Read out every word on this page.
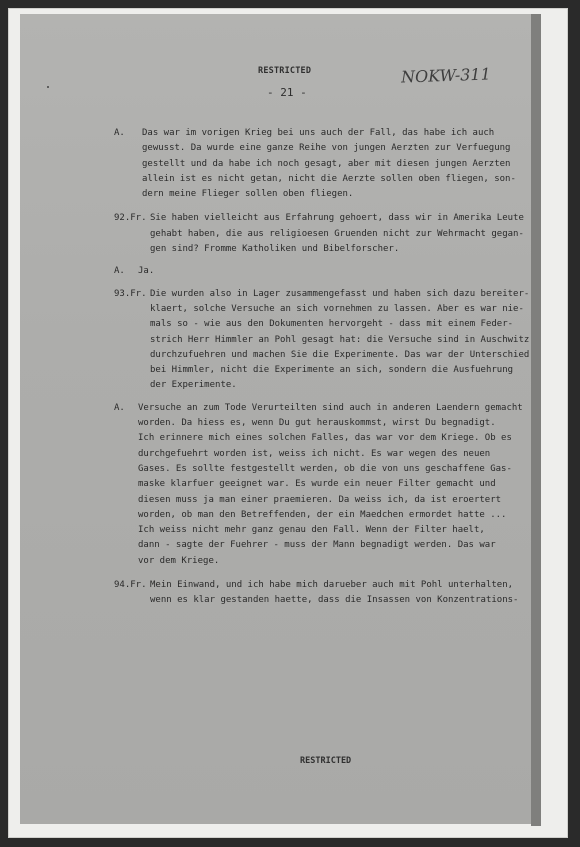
RESTRICTED
- 21 -
NOKW-311
A.	Das war im vorigen Krieg bei uns auch der Fall, das habe ich auch
gewusst. Da wurde eine ganze Reihe von jungen Aerzten zur Verfuegung
gestellt und da habe ich noch gesagt, aber mit diesen jungen Aerzten
allein ist es nicht getan, nicht die Aerzte sollen oben fliegen, son-
dern meine Flieger sollen oben fliegen.
92.Fr. Sie haben vielleicht aus Erfahrung gehoert, dass wir in Amerika Leute
gehabt haben, die aus religioesen Gruenden nicht zur Wehrmacht gegan-
gen sind? Fromme Katholiken und Bibelforscher.
A.	Ja.
93.Fr. Die wurden also in Lager zusammengefasst und haben sich dazu bereiter-
klaert, solche Versuche an sich vornehmen zu lassen. Aber es war nie-
mals so - wie aus den Dokumenten hervorgeht - dass mit einem Feder-
strich Herr Himmler an Pohl gesagt hat: die Versuche sind in Auschwitz
durchzufuehren und machen Sie die Experimente. Das war der Unterschied
bei Himmler, nicht die Experimente an sich, sondern die Ausfuehrung
der Experimente.
A.	Versuche an zum Tode Verurteilten sind auch in anderen Laendern gemacht
worden. Da hiess es, wenn Du gut herauskommst, wirst Du begnadigt.
Ich erinnere mich eines solchen Falles, das war vor dem Kriege. Ob es
durchgefuehrt worden ist, weiss ich nicht. Es war wegen des neuen
Gases. Es sollte festgestellt werden, ob die von uns geschaffene Gas-
maske klarfuer geeignet war. Es wurde ein neuer Filter gemacht und
diesen muss ja man einer praemieren. Da weiss ich, da ist eroertert
worden, ob man den Betreffenden, der ein Maedchen ermordet hatte ...
Ich weiss nicht mehr ganz genau den Fall. Wenn der Filter haelt,
dann - sagte der Fuehrer - muss der Mann begnadigt werden. Das war
vor dem Kriege.
94.Fr. Mein Einwand, und ich habe mich darueber auch mit Pohl unterhalten,
wenn es klar gestanden haette, dass die Insassen von Konzentrations-
RESTRICTED
